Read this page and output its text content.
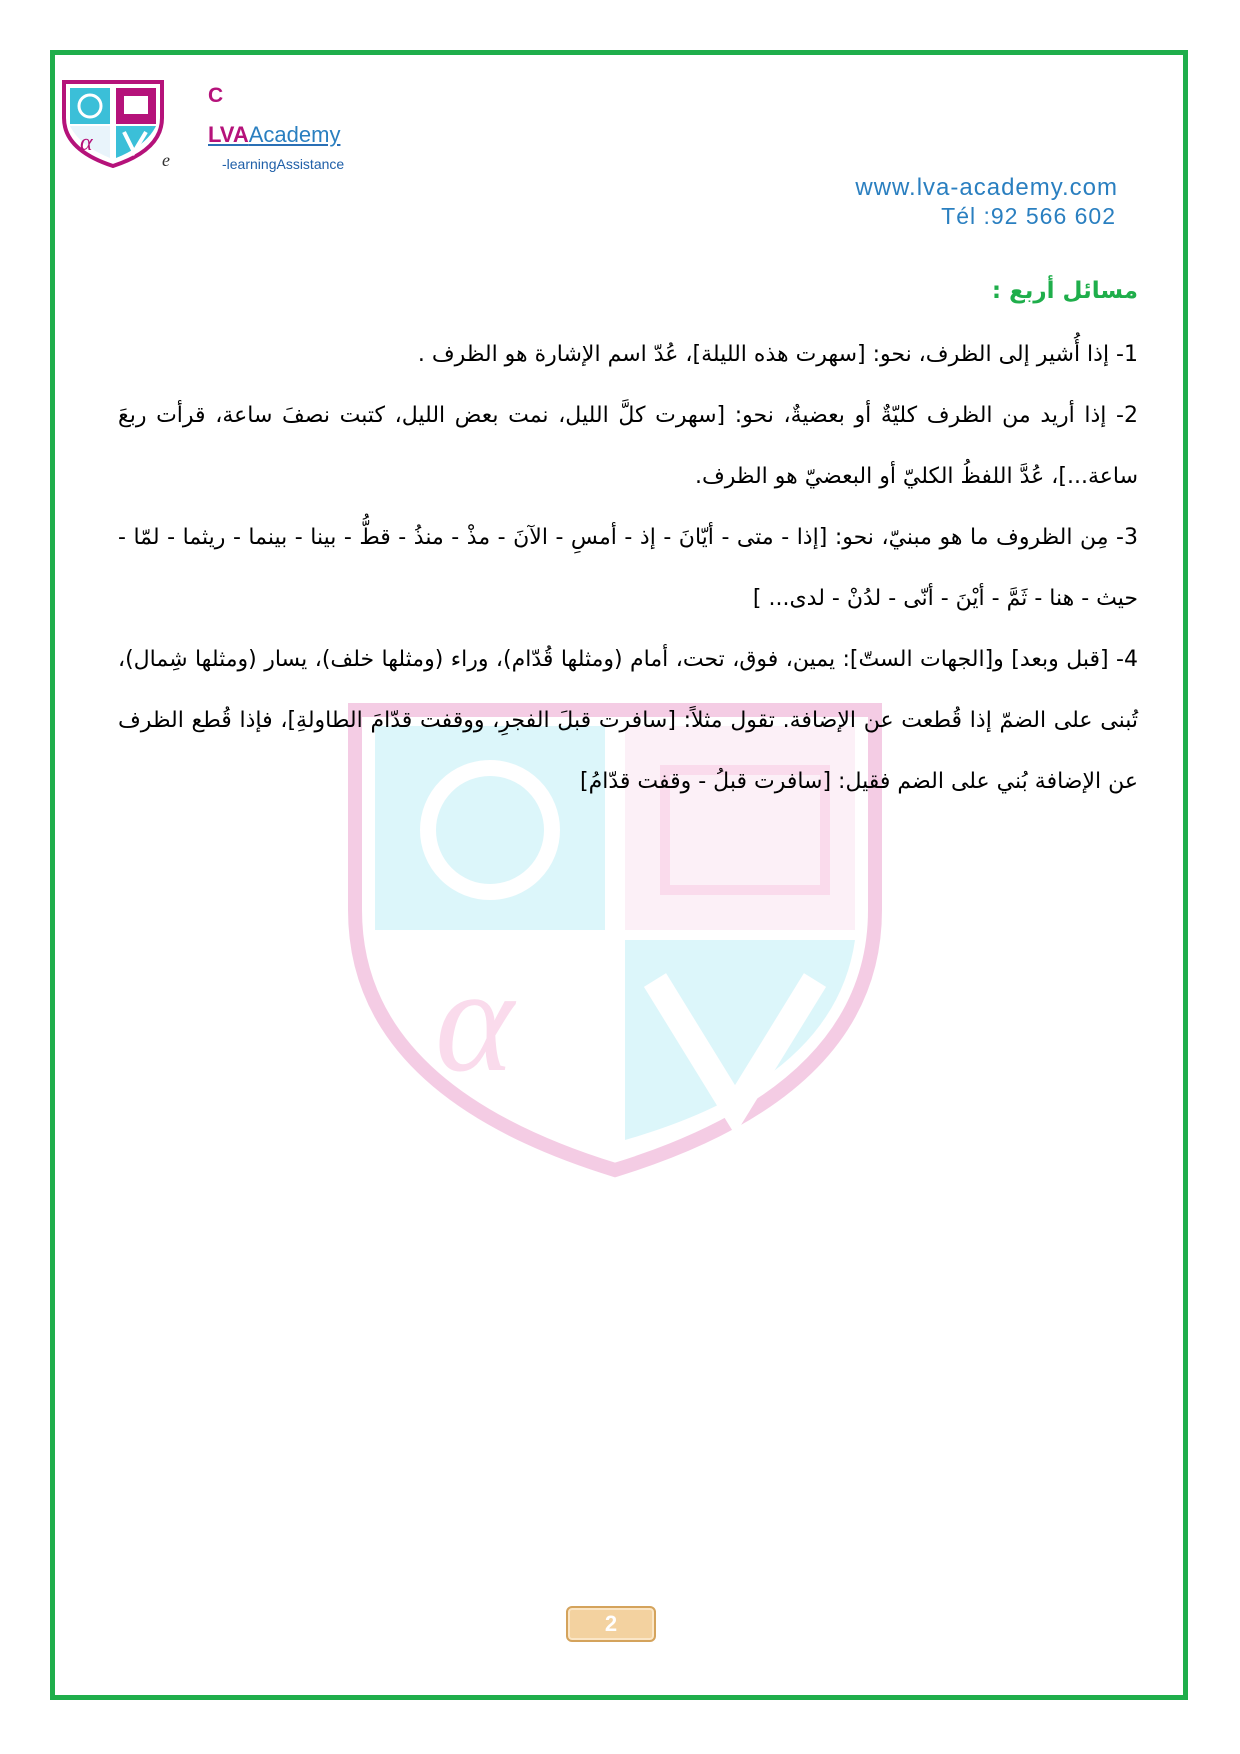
α
C
LVAAcademy
-learningAssistance
e
www.lva-academy.com
Tél :92 566 602
α
مسائل أربع :

1- إذا أُشير إلى الظرف، نحو: [سهرت هذه الليلة]، عُدّ اسم الإشارة هو الظرف .

2- إذا أريد من الظرف كليّةٌ أو بعضيةٌ، نحو: [سهرت كلَّ الليل، نمت بعض الليل، كتبت نصفَ ساعة، قرأت ربعَ ساعة...]، عُدَّ اللفظُ الكليّ أو البعضيّ هو الظرف.

3- مِن الظروف ما هو مبنيّ، نحو: [إذا - متى - أيّانَ - إذ - أمسِ - الآنَ - مذْ - منذُ - قطُّ - بينا - بينما - ريثما - لمّا - حيث - هنا - ثَمَّ - أيْنَ - أنّى - لدُنْ - لدى... ]

4- [قبل وبعد] و[الجهات الستّ]: يمين، فوق، تحت، أمام (ومثلها قُدّام)، وراء (ومثلها خلف)، يسار (ومثلها شِمال)، تُبنى على الضمّ إذا قُطعت عن الإضافة. تقول مثلاً: [سافرت قبلَ الفجرِ، ووقفت قدّامَ الطاولةِ]، فإذا قُطع الظرف عن الإضافة بُني على الضم فقيل: [سافرت قبلُ - وقفت قدّامُ]

2
